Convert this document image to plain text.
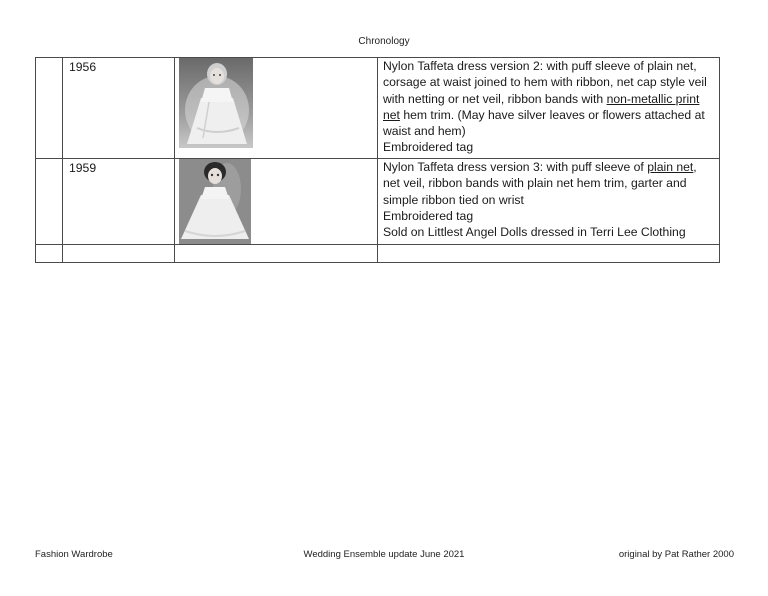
Chronology
	1956		Nylon Taffeta dress version 2: with puff sleeve of plain net, corsage at waist joined to hem with ribbon, net cap style veil with netting or net veil, ribbon bands with non-metallic print net hem trim. (May have silver leaves or flowers attached at waist and hem)
Embroidered tag

	1959		Nylon Taffeta dress version 3: with puff sleeve of plain net, net veil, ribbon bands with plain net hem trim, garter and simple ribbon tied on wrist
Embroidered tag
Sold on Littlest Angel Dolls dressed in Terri Lee Clothing

Fashion Wardrobe	Wedding Ensemble update June 2021	original by Pat Rather 2000
